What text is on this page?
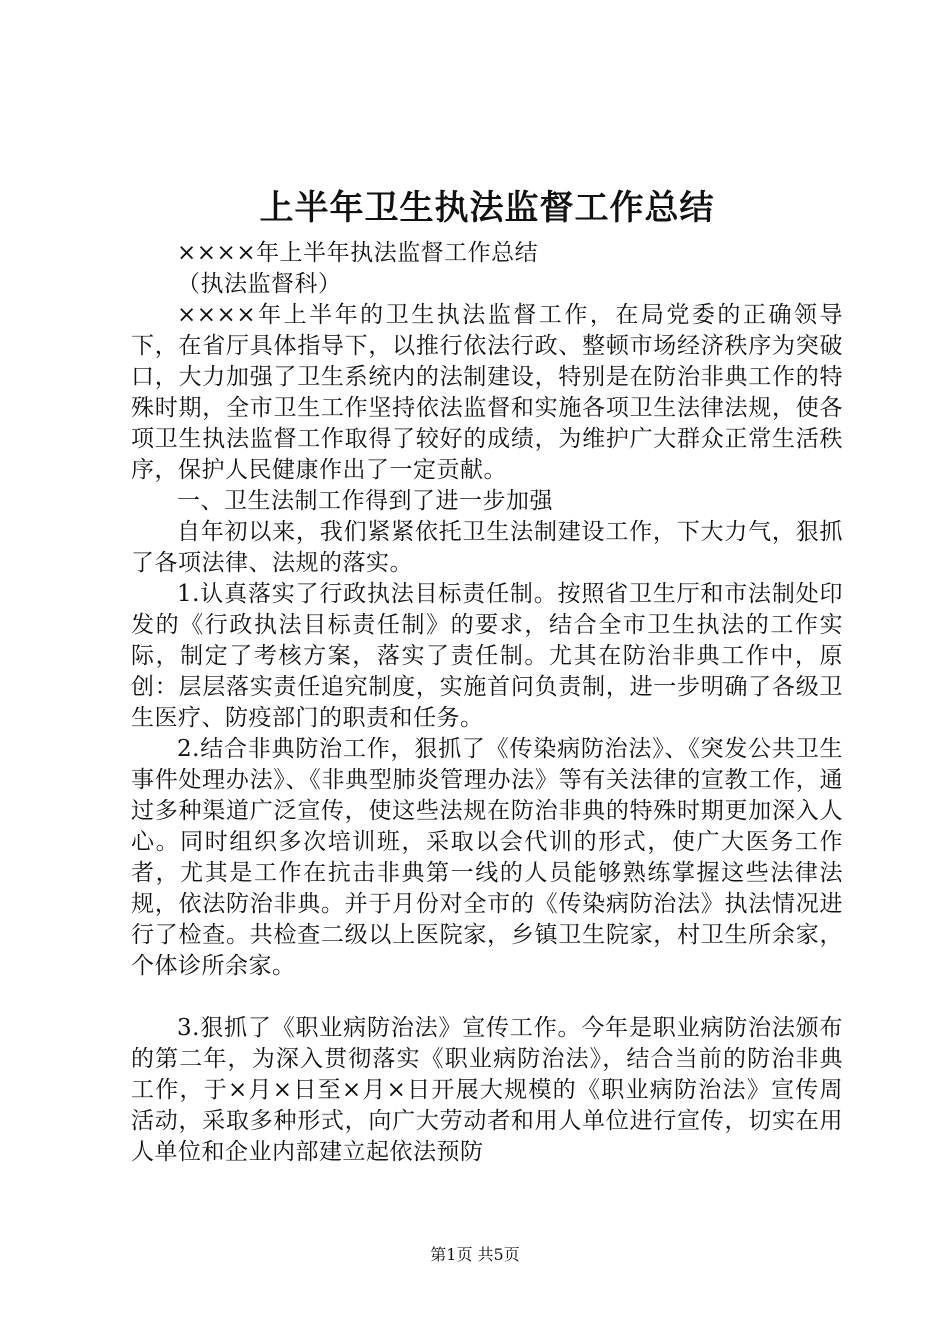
上半年卫生执法监督工作总结

××××年上半年执法监督工作总结

（执法监督科）

××××年上半年的卫生执法监督工作，在局党委的正确领导下，在省厅具体指导下，以推行依法行政、整顿市场经济秩序为突破口，大力加强了卫生系统内的法制建设，特别是在防治非典工作的特殊时期，全市卫生工作坚持依法监督和实施各项卫生法律法规，使各项卫生执法监督工作取得了较好的成绩，为维护广大群众正常生活秩序，保护人民健康作出了一定贡献。

一、卫生法制工作得到了进一步加强

自年初以来，我们紧紧依托卫生法制建设工作，下大力气，狠抓了各项法律、法规的落实。

1.认真落实了行政执法目标责任制。按照省卫生厅和市法制处印发的《行政执法目标责任制》的要求，结合全市卫生执法的工作实际，制定了考核方案，落实了责任制。尤其在防治非典工作中，原创：层层落实责任追究制度，实施首问负责制，进一步明确了各级卫生医疗、防疫部门的职责和任务。

2.结合非典防治工作，狠抓了《传染病防治法》、《突发公共卫生事件处理办法》、《非典型肺炎管理办法》等有关法律的宣教工作，通过多种渠道广泛宣传，使这些法规在防治非典的特殊时期更加深入人心。同时组织多次培训班，采取以会代训的形式，使广大医务工作者，尤其是工作在抗击非典第一线的人员能够熟练掌握这些法律法规，依法防治非典。并于月份对全市的《传染病防治法》执法情况进行了检查。共检查二级以上医院家，乡镇卫生院家，村卫生所余家，个体诊所余家。

3.狠抓了《职业病防治法》宣传工作。今年是职业病防治法颁布的第二年，为深入贯彻落实《职业病防治法》，结合当前的防治非典工作，于×月×日至×月×日开展大规模的《职业病防治法》宣传周活动，采取多种形式，向广大劳动者和用人单位进行宣传，切实在用人单位和企业内部建立起依法预防

第1页 共5页
